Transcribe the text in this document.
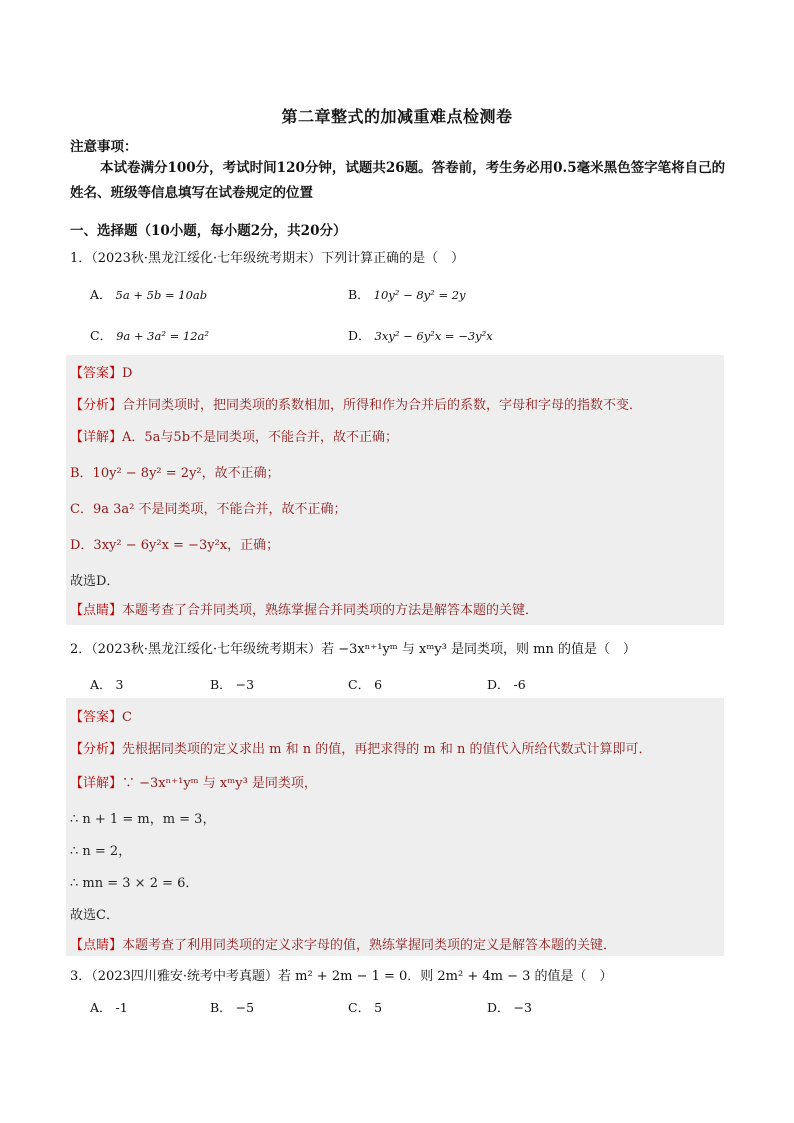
第二章整式的加减重难点检测卷
注意事项：
本试卷满分100分，考试时间120分钟，试题共26题。答卷前，考生务必用0.5毫米黑色签字笔将自己的姓名、班级等信息填写在试卷规定的位置
一、选择题（10小题，每小题2分，共20分）
1．（2023秋·黑龙江绥化·七年级统考期末）下列计算正确的是（　）
A． 5a + 5b = 10ab	B． 10y² − 8y² = 2y
C． 9a + 3a² = 12a²	D． 3xy² − 6y²x = −3y²x
【答案】D
【分析】合并同类项时，把同类项的系数相加，所得和作为合并后的系数，字母和字母的指数不变．
【详解】A．5a与5b不是同类项，不能合并，故不正确；
B．10y² − 8y² = 2y²，故不正确；
C．9a 3a² 不是同类项，不能合并，故不正确；
D．3xy² − 6y²x = −3y²x，正确；
故选D．
【点睛】本题考查了合并同类项，熟练掌握合并同类项的方法是解答本题的关键．
2．（2023秋·黑龙江绥化·七年级统考期末）若 −3xⁿ⁺¹yᵐ 与 xᵐy³ 是同类项，则 mn 的值是（　）
A． 3	B． −3	C． 6	D． -6
【答案】C
【分析】先根据同类项的定义求出 m 和 n 的值，再把求得的 m 和 n 的值代入所给代数式计算即可．
【详解】∵ −3xⁿ⁺¹yᵐ 与 xᵐy³ 是同类项，
∴ n + 1 = m，m = 3，
∴ n = 2，
∴ mn = 3 × 2 = 6．
故选C．
【点睛】本题考查了利用同类项的定义求字母的值，熟练掌握同类项的定义是解答本题的关键．
3．（2023四川雅安·统考中考真题）若 m² + 2m − 1 = 0．则 2m² + 4m − 3 的值是（　）
A． -1	B． −5	C． 5	D． −3
